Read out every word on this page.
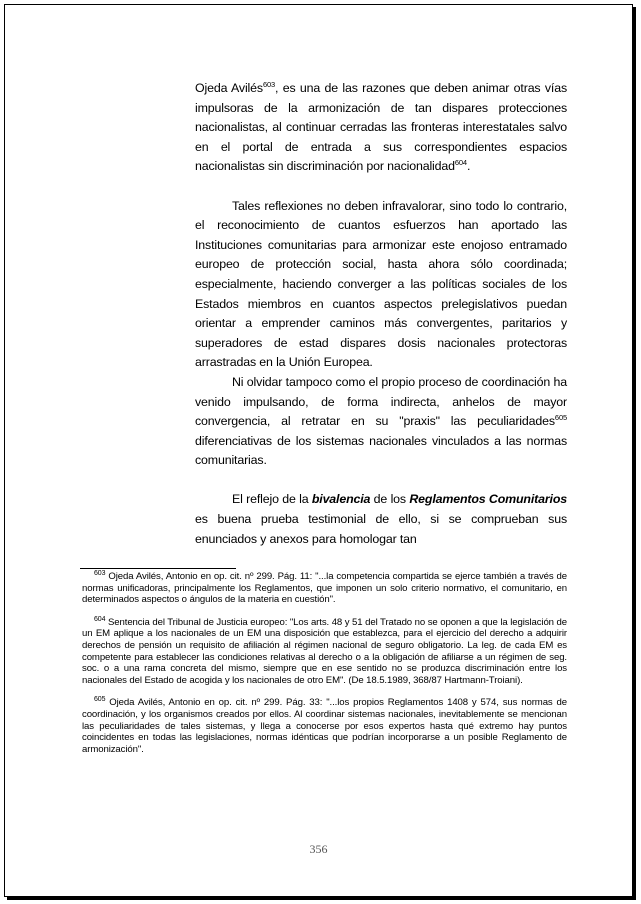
Ojeda Avilés$^{603}$, es una de las razones que deben animar otras vías impulsoras de la armonización de tan dispares protecciones nacionalistas, al continuar cerradas las fronteras interestatales salvo en el portal de entrada a sus correspondientes espacios nacionalistas sin discriminación por nacionalidad$^{604}$.

Tales reflexiones no deben infravalorar, sino todo lo contrario, el reconocimiento de cuantos esfuerzos han aportado las Instituciones comunitarias para armonizar este enojoso entramado europeo de protección social, hasta ahora sólo coordinada; especialmente, haciendo converger a las políticas sociales de los Estados miembros en cuantos aspectos prelegislativos puedan orientar a emprender caminos más convergentes, paritarios y superadores de estad dispares dosis nacionales protectoras arrastradas en la Unión Europea.

Ni olvidar tampoco como el propio proceso de coordinación ha venido impulsando, de forma indirecta, anhelos de mayor convergencia, al retratar en su "praxis" las peculiaridades$^{605}$ diferenciativas de los sistemas nacionales vinculados a las normas comunitarias.

El reflejo de la bivalencia de los Reglamentos Comunitarios es buena prueba testimonial de ello, si se comprueban sus enunciados y anexos para homologar tan

$^{603}$ Ojeda Avilés, Antonio en op. cit. nº 299. Pág. 11: "...la competencia compartida se ejerce también a través de normas unificadoras, principalmente los Reglamentos, que imponen un solo criterio normativo, el comunitario, en determinados aspectos o ángulos de la materia en cuestión".

$^{604}$ Sentencia del Tribunal de Justicia europeo: "Los arts. 48 y 51 del Tratado no se oponen a que la legislación de un EM aplique a los nacionales de un EM una disposición que establezca, para el ejercicio del derecho a adquirir derechos de pensión un requisito de afiliación al régimen nacional de seguro obligatorio. La leg. de cada EM es competente para establecer las condiciones relativas al derecho o a la obligación de afiliarse a un régimen de seg. soc. o a una rama concreta del mismo, siempre que en ese sentido no se produzca discriminación entre los nacionales del Estado de acogida y los nacionales de otro EM". (De 18.5.1989, 368/87 Hartmann-Troiani).

$^{605}$ Ojeda Avilés, Antonio en op. cit. nº 299. Pág. 33: "...los propios Reglamentos 1408 y 574, sus normas de coordinación, y los organismos creados por ellos. Al coordinar sistemas nacionales, inevitablemente se mencionan las peculiaridades de tales sistemas, y llega a conocerse por esos expertos hasta qué extremo hay puntos coincidentes en todas las legislaciones, normas idénticas que podrían incorporarse a un posible Reglamento de armonización".

356
